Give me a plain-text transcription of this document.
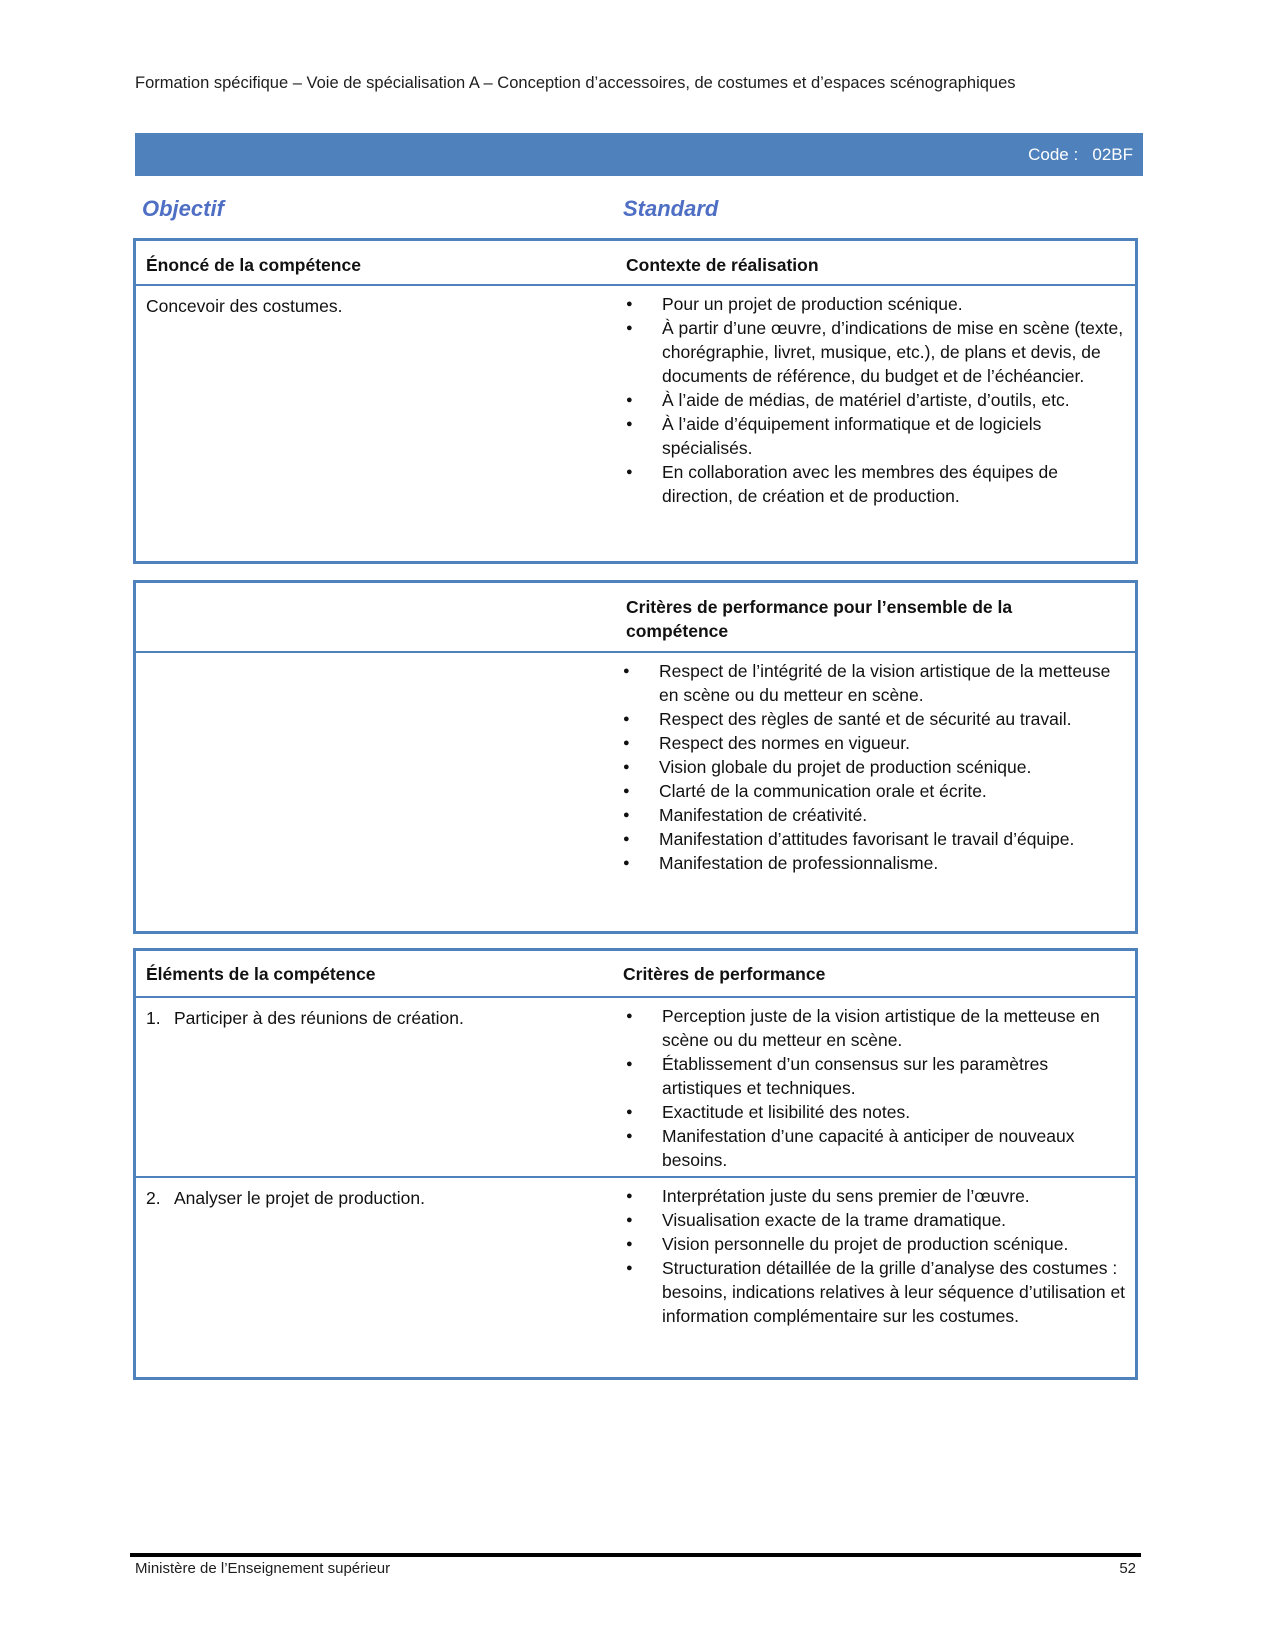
Formation spécifique – Voie de spécialisation A – Conception d’accessoires, de costumes et d’espaces scénographiques
Code :   02BF
Objectif	Standard
Énoncé de la compétence	Contexte de réalisation
Concevoir des costumes.	● Pour un projet de production scénique.
● À partir d’une œuvre, d’indications de mise en scène (texte, chorégraphie, livret, musique, etc.), de plans et devis, de documents de référence, du budget et de l’échéancier.
● À l’aide de médias, de matériel d’artiste, d’outils, etc.
● À l’aide d’équipement informatique et de logiciels spécialisés.
● En collaboration avec les membres des équipes de direction, de création et de production.
Critères de performance pour l’ensemble de la compétence
● Respect de l’intégrité de la vision artistique de la metteuse en scène ou du metteur en scène.
● Respect des règles de santé et de sécurité au travail.
● Respect des normes en vigueur.
● Vision globale du projet de production scénique.
● Clarté de la communication orale et écrite.
● Manifestation de créativité.
● Manifestation d’attitudes favorisant le travail d’équipe.
● Manifestation de professionnalisme.
Éléments de la compétence	Critères de performance
1. Participer à des réunions de création.	● Perception juste de la vision artistique de la metteuse en scène ou du metteur en scène.
● Établissement d’un consensus sur les paramètres artistiques et techniques.
● Exactitude et lisibilité des notes.
● Manifestation d’une capacité à anticiper de nouveaux besoins.
2. Analyser le projet de production.	● Interprétation juste du sens premier de l’œuvre.
● Visualisation exacte de la trame dramatique.
● Vision personnelle du projet de production scénique.
● Structuration détaillée de la grille d’analyse des costumes : besoins, indications relatives à leur séquence d’utilisation et information complémentaire sur les costumes.
Ministère de l’Enseignement supérieur	52
